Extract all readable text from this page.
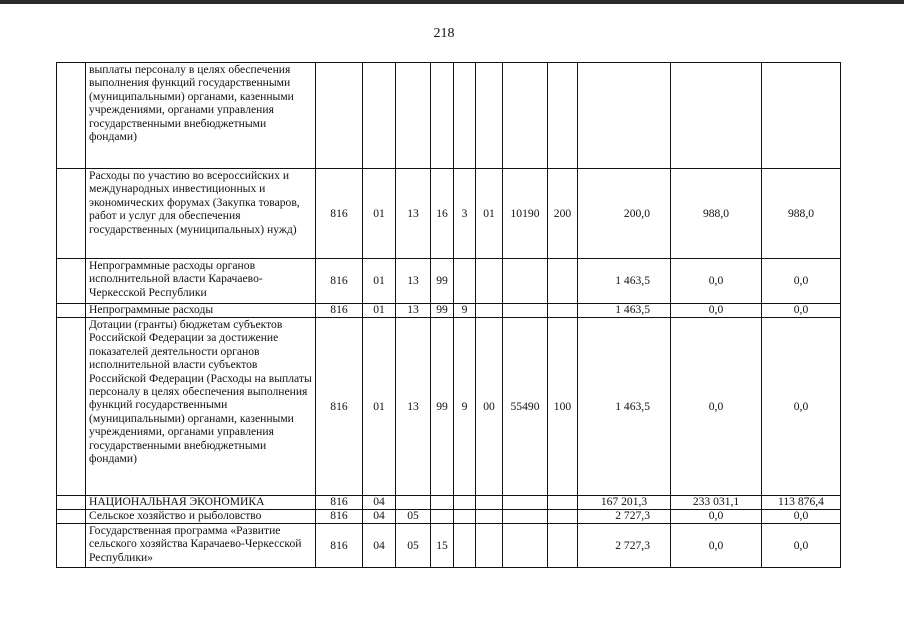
218
	выплаты персоналу в целях обеспечения выполнения функций государственными (муниципальными) органами, казенными учреждениями, органами управления государственными внебюджетными фондами)											
	Расходы по участию во всероссийских и международных инвестиционных и экономических форумах (Закупка товаров, работ и услуг для обеспечения государственных (муниципальных) нужд)	816	01	13	16	3	01	10190	200	200,0	988,0	988,0
	Непрограммные расходы органов исполнительной власти Карачаево-Черкесской Республики	816	01	13	99					1 463,5	0,0	0,0
	Непрограммные расходы	816	01	13	99	9				1 463,5	0,0	0,0
	Дотации (гранты) бюджетам субъектов Российской Федерации за достижение показателей деятельности органов исполнительной власти субъектов Российской Федерации (Расходы на выплаты персоналу в целях обеспечения выполнения функций государственными (муниципальными) органами, казенными учреждениями, органами управления государственными внебюджетными фондами)	816	01	13	99	9	00	55490	100	1 463,5	0,0	0,0
	НАЦИОНАЛЬНАЯ ЭКОНОМИКА	816	04							167 201,3	233 031,1	113 876,4
	Сельское хозяйство и рыболовство	816	04	05						2 727,3	0,0	0,0
	Государственная программа «Развитие сельского хозяйства Карачаево-Черкесской Республики»	816	04	05	15					2 727,3	0,0	0,0
